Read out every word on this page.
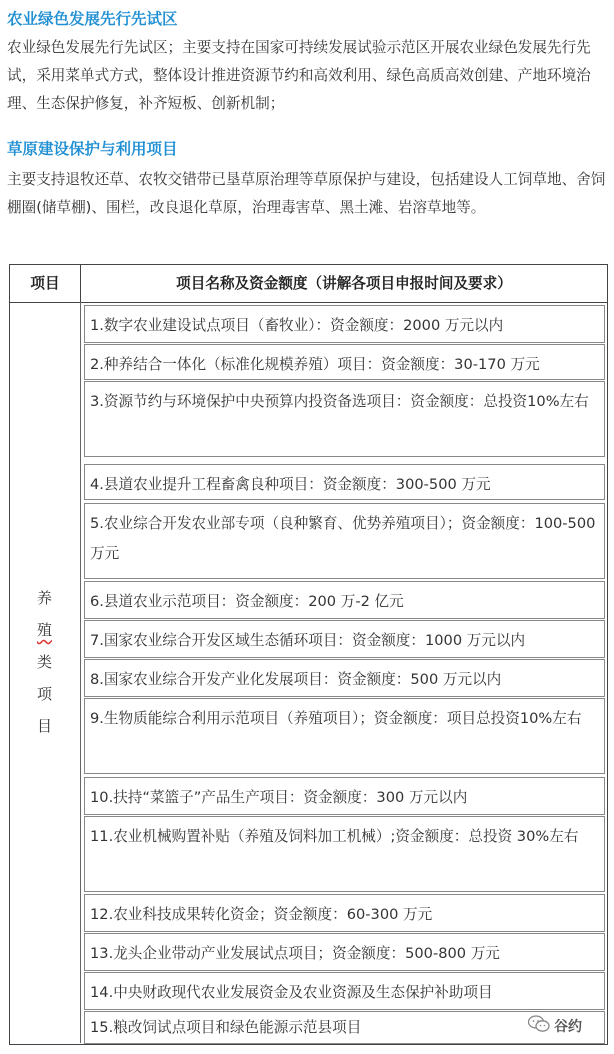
农业绿色发展先行先试区
农业绿色发展先行先试区；主要支持在国家可持续发展试验示范区开展农业绿色发展先行先试，采用菜单式方式，整体设计推进资源节约和高效利用、绿色高质高效创建、产地环境治理、生态保护修复，补齐短板、创新机制；
草原建设保护与利用项目
主要支持退牧还草、农牧交错带已垦草原治理等草原保护与建设，包括建设人工饲草地、舍饲棚圈(储草棚)、围栏，改良退化草原，治理毒害草、黑土滩、岩溶草地等。
项目	项目名称及资金额度（讲解各项目申报时间及要求）
养
殖
类
项
目
1.数字农业建设试点项目（畜牧业）：资金额度：2000 万元以内
2.种养结合一体化（标准化规模养殖）项目：资金额度：30-170 万元
3.资源节约与环境保护中央预算内投资备选项目：资金额度：总投资10%左右
4.县道农业提升工程畜禽良种项目：资金额度：300-500 万元
5.农业综合开发农业部专项（良种繁育、优势养殖项目）；资金额度：100-500 万元
6.县道农业示范项目：资金额度：200 万-2 亿元
7.国家农业综合开发区域生态循环项目：资金额度：1000 万元以内
8.国家农业综合开发产业化发展项目：资金额度：500 万元以内
9.生物质能综合利用示范项目（养殖项目）；资金额度：项目总投资10%左右
10.扶持“菜篮子”产品生产项目：资金额度：300 万元以内
11.农业机械购置补贴（养殖及饲料加工机械）;资金额度：总投资 30%左右
12.农业科技成果转化资金；资金额度：60-300 万元
13.龙头企业带动产业发展试点项目；资金额度：500-800 万元
14.中央财政现代农业发展资金及农业资源及生态保护补助项目
15.粮改饲试点项目和绿色能源示范县项目	谷约
